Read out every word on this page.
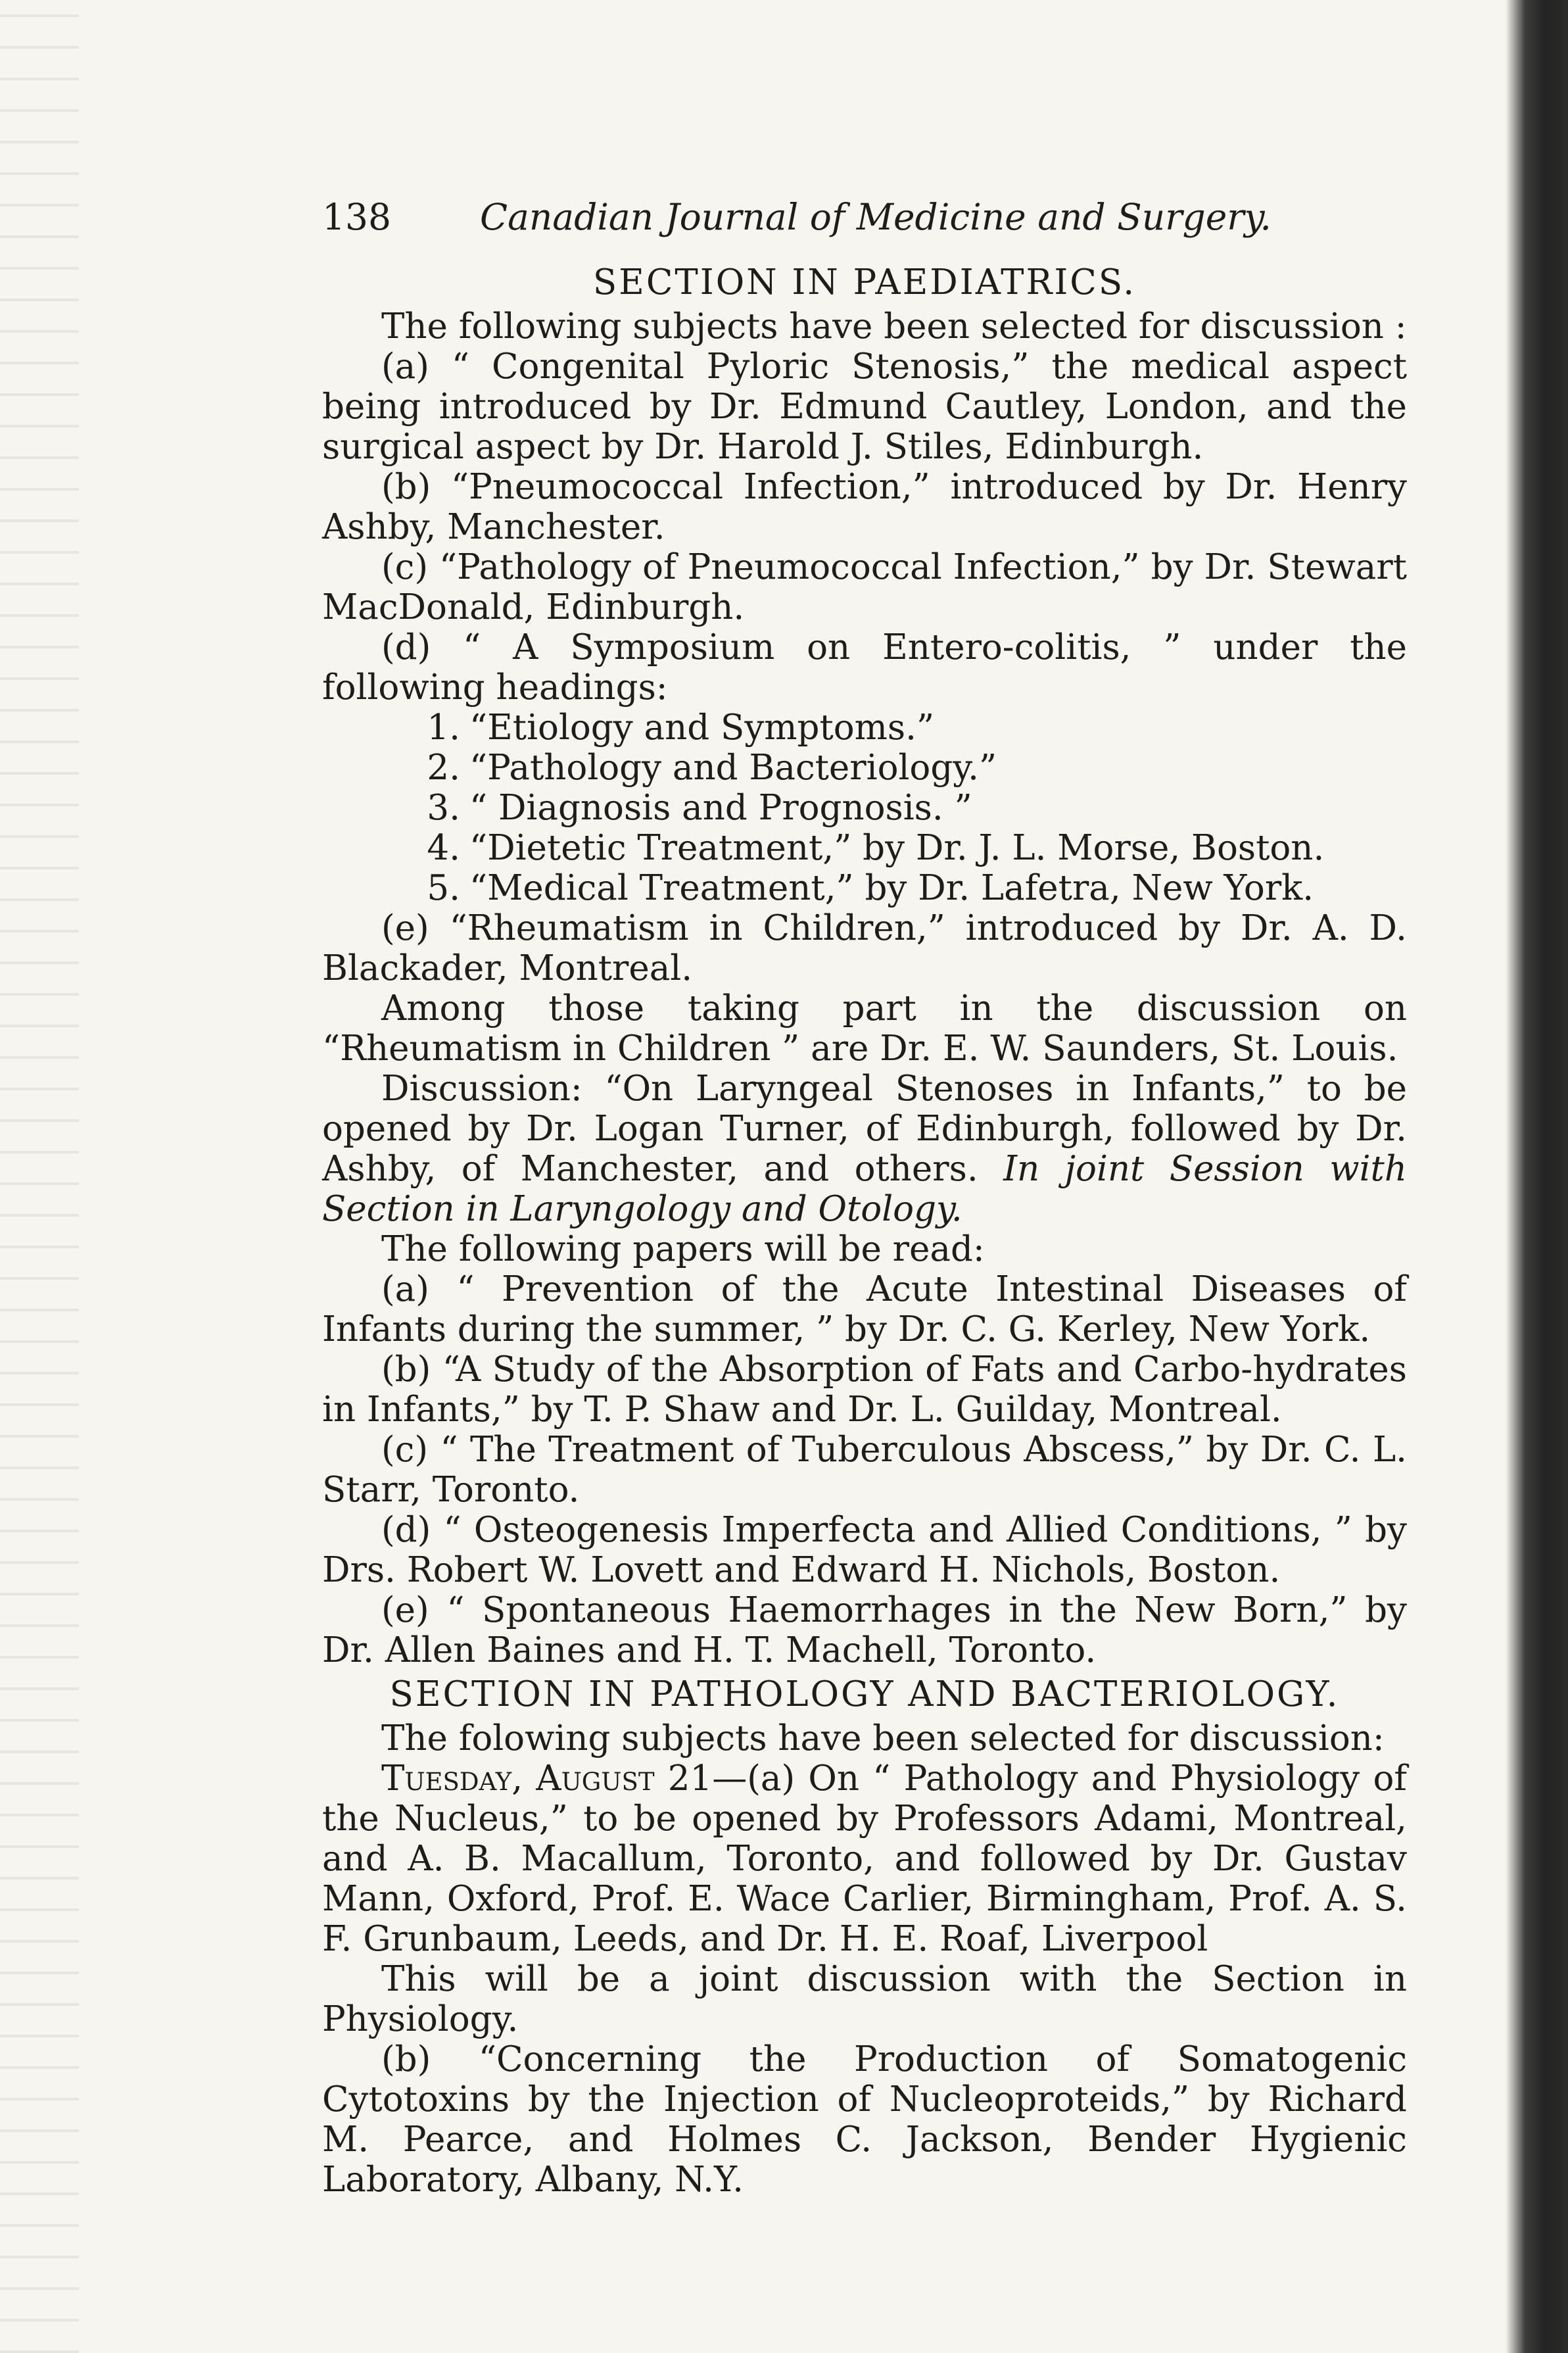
138	Canadian Journal of Medicine and Surgery.
SECTION IN PAEDIATRICS.

The following subjects have been selected for discussion :

(a) “ Congenital Pyloric Stenosis,” the medical aspect being introduced by Dr. Edmund Cautley, London, and the surgical aspect by Dr. Harold J. Stiles, Edinburgh.

(b) “Pneumococcal Infection,” introduced by Dr. Henry Ashby, Manchester.

(c) “Pathology of Pneumococcal Infection,” by Dr. Stewart MacDonald, Edinburgh.

(d) “ A Symposium on Entero-colitis, ” under the following headings:

1. “Etiology and Symptoms.”

2. “Pathology and Bacteriology.”

3. “ Diagnosis and Prognosis. ”

4. “Dietetic Treatment,” by Dr. J. L. Morse, Boston.

5. “Medical Treatment,” by Dr. Lafetra, New York.

(e) “Rheumatism in Children,” introduced by Dr. A. D. Blackader, Montreal.

Among those taking part in the discussion on “Rheumatism in Children ” are Dr. E. W. Saunders, St. Louis.

Discussion: “On Laryngeal Stenoses in Infants,” to be opened by Dr. Logan Turner, of Edinburgh, followed by Dr. Ashby, of Manchester, and others. In joint Session with Section in Laryngology and Otology.

The following papers will be read:

(a) “ Prevention of the Acute Intestinal Diseases of Infants during the summer, ” by Dr. C. G. Kerley, New York.

(b) “A Study of the Absorption of Fats and Carbo-hydrates in Infants,” by T. P. Shaw and Dr. L. Guilday, Montreal.

(c) “ The Treatment of Tuberculous Abscess,” by Dr. C. L. Starr, Toronto.

(d) “ Osteogenesis Imperfecta and Allied Conditions, ” by Drs. Robert W. Lovett and Edward H. Nichols, Boston.

(e) “ Spontaneous Haemorrhages in the New Born,” by Dr. Allen Baines and H. T. Machell, Toronto.

SECTION IN PATHOLOGY AND BACTERIOLOGY.

The folowing subjects have been selected for discussion:

Tuesday, August 21—(a) On “ Pathology and Physiology of the Nucleus,” to be opened by Professors Adami, Montreal, and A. B. Macallum, Toronto, and followed by Dr. Gustav Mann, Oxford, Prof. E. Wace Carlier, Birmingham, Prof. A. S. F. Grunbaum, Leeds, and Dr. H. E. Roaf, Liverpool

This will be a joint discussion with the Section in Physiology.

(b) “Concerning the Production of Somatogenic Cytotoxins by the Injection of Nucleoproteids,” by Richard M. Pearce, and Holmes C. Jackson, Bender Hygienic Laboratory, Albany, N.Y.
